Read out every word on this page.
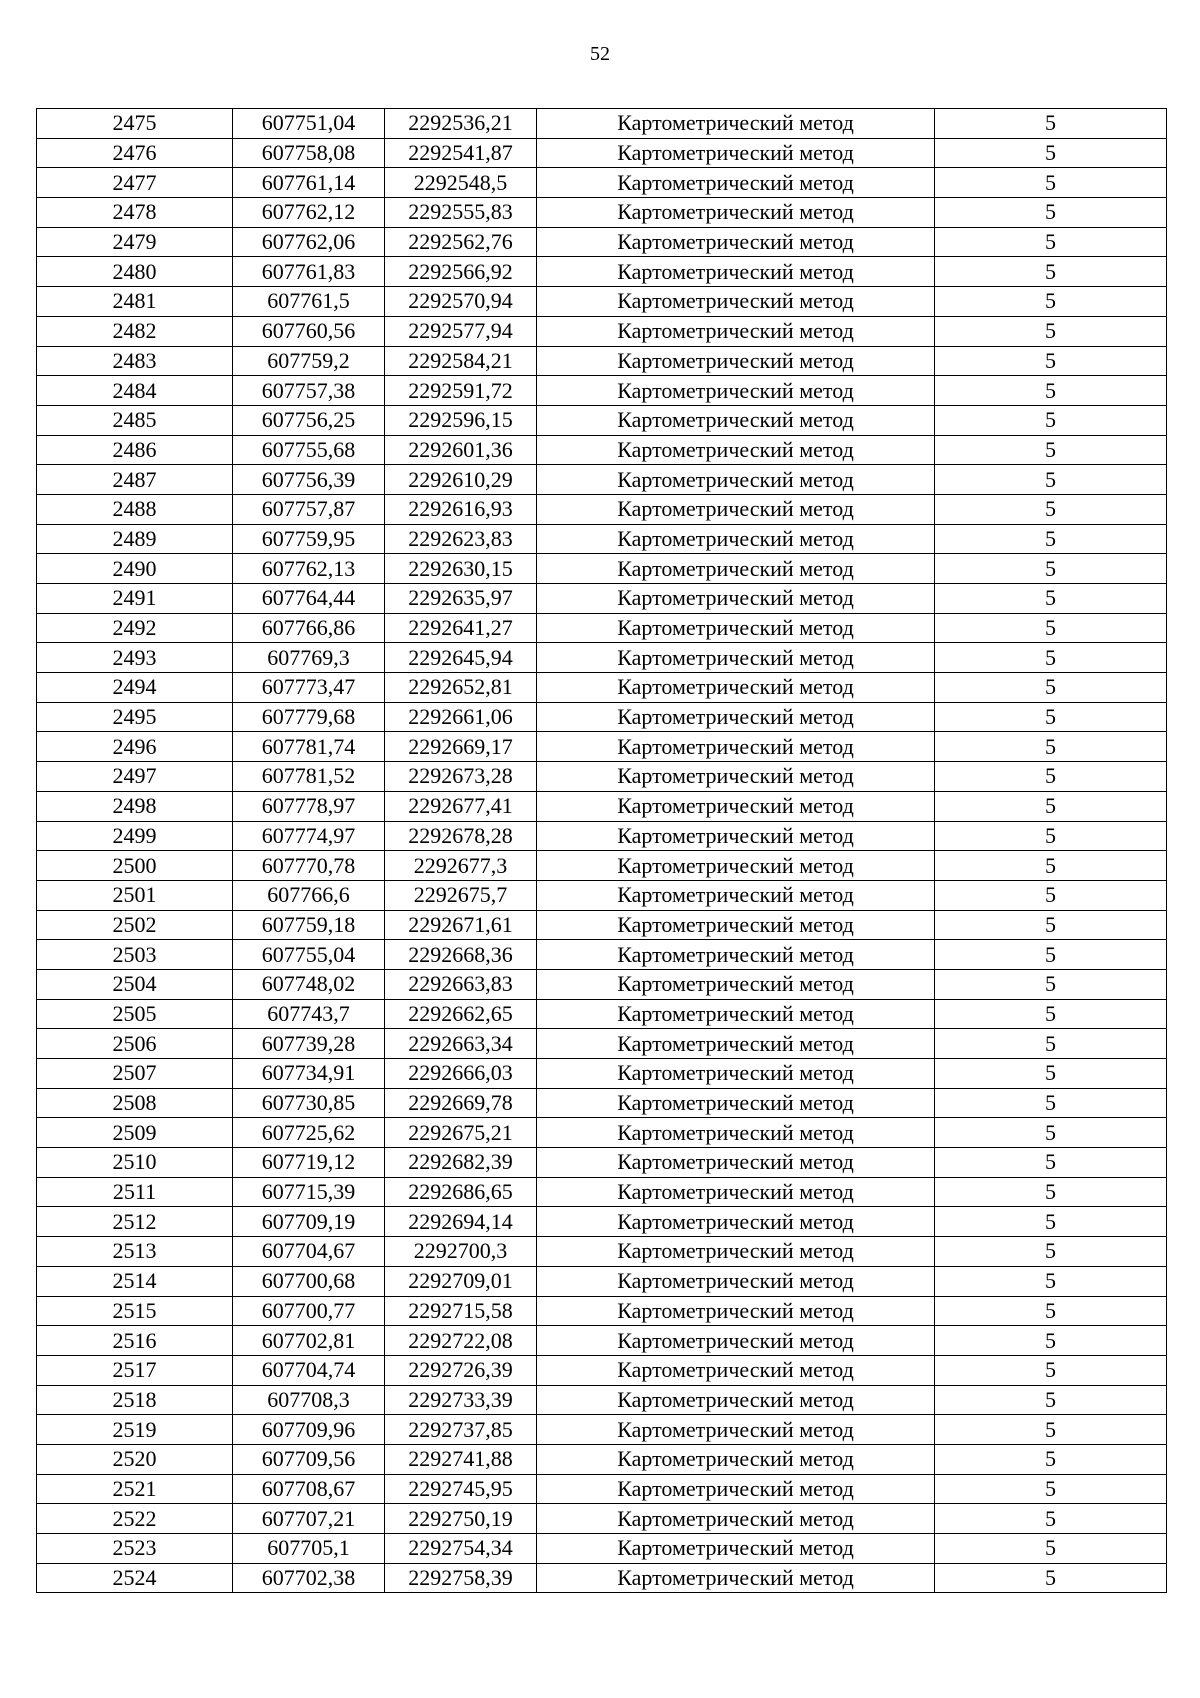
52
2475	607751,04	2292536,21	Картометрический метод	5
2476	607758,08	2292541,87	Картометрический метод	5
2477	607761,14	2292548,5	Картометрический метод	5
2478	607762,12	2292555,83	Картометрический метод	5
2479	607762,06	2292562,76	Картометрический метод	5
2480	607761,83	2292566,92	Картометрический метод	5
2481	607761,5	2292570,94	Картометрический метод	5
2482	607760,56	2292577,94	Картометрический метод	5
2483	607759,2	2292584,21	Картометрический метод	5
2484	607757,38	2292591,72	Картометрический метод	5
2485	607756,25	2292596,15	Картометрический метод	5
2486	607755,68	2292601,36	Картометрический метод	5
2487	607756,39	2292610,29	Картометрический метод	5
2488	607757,87	2292616,93	Картометрический метод	5
2489	607759,95	2292623,83	Картометрический метод	5
2490	607762,13	2292630,15	Картометрический метод	5
2491	607764,44	2292635,97	Картометрический метод	5
2492	607766,86	2292641,27	Картометрический метод	5
2493	607769,3	2292645,94	Картометрический метод	5
2494	607773,47	2292652,81	Картометрический метод	5
2495	607779,68	2292661,06	Картометрический метод	5
2496	607781,74	2292669,17	Картометрический метод	5
2497	607781,52	2292673,28	Картометрический метод	5
2498	607778,97	2292677,41	Картометрический метод	5
2499	607774,97	2292678,28	Картометрический метод	5
2500	607770,78	2292677,3	Картометрический метод	5
2501	607766,6	2292675,7	Картометрический метод	5
2502	607759,18	2292671,61	Картометрический метод	5
2503	607755,04	2292668,36	Картометрический метод	5
2504	607748,02	2292663,83	Картометрический метод	5
2505	607743,7	2292662,65	Картометрический метод	5
2506	607739,28	2292663,34	Картометрический метод	5
2507	607734,91	2292666,03	Картометрический метод	5
2508	607730,85	2292669,78	Картометрический метод	5
2509	607725,62	2292675,21	Картометрический метод	5
2510	607719,12	2292682,39	Картометрический метод	5
2511	607715,39	2292686,65	Картометрический метод	5
2512	607709,19	2292694,14	Картометрический метод	5
2513	607704,67	2292700,3	Картометрический метод	5
2514	607700,68	2292709,01	Картометрический метод	5
2515	607700,77	2292715,58	Картометрический метод	5
2516	607702,81	2292722,08	Картометрический метод	5
2517	607704,74	2292726,39	Картометрический метод	5
2518	607708,3	2292733,39	Картометрический метод	5
2519	607709,96	2292737,85	Картометрический метод	5
2520	607709,56	2292741,88	Картометрический метод	5
2521	607708,67	2292745,95	Картометрический метод	5
2522	607707,21	2292750,19	Картометрический метод	5
2523	607705,1	2292754,34	Картометрический метод	5
2524	607702,38	2292758,39	Картометрический метод	5
